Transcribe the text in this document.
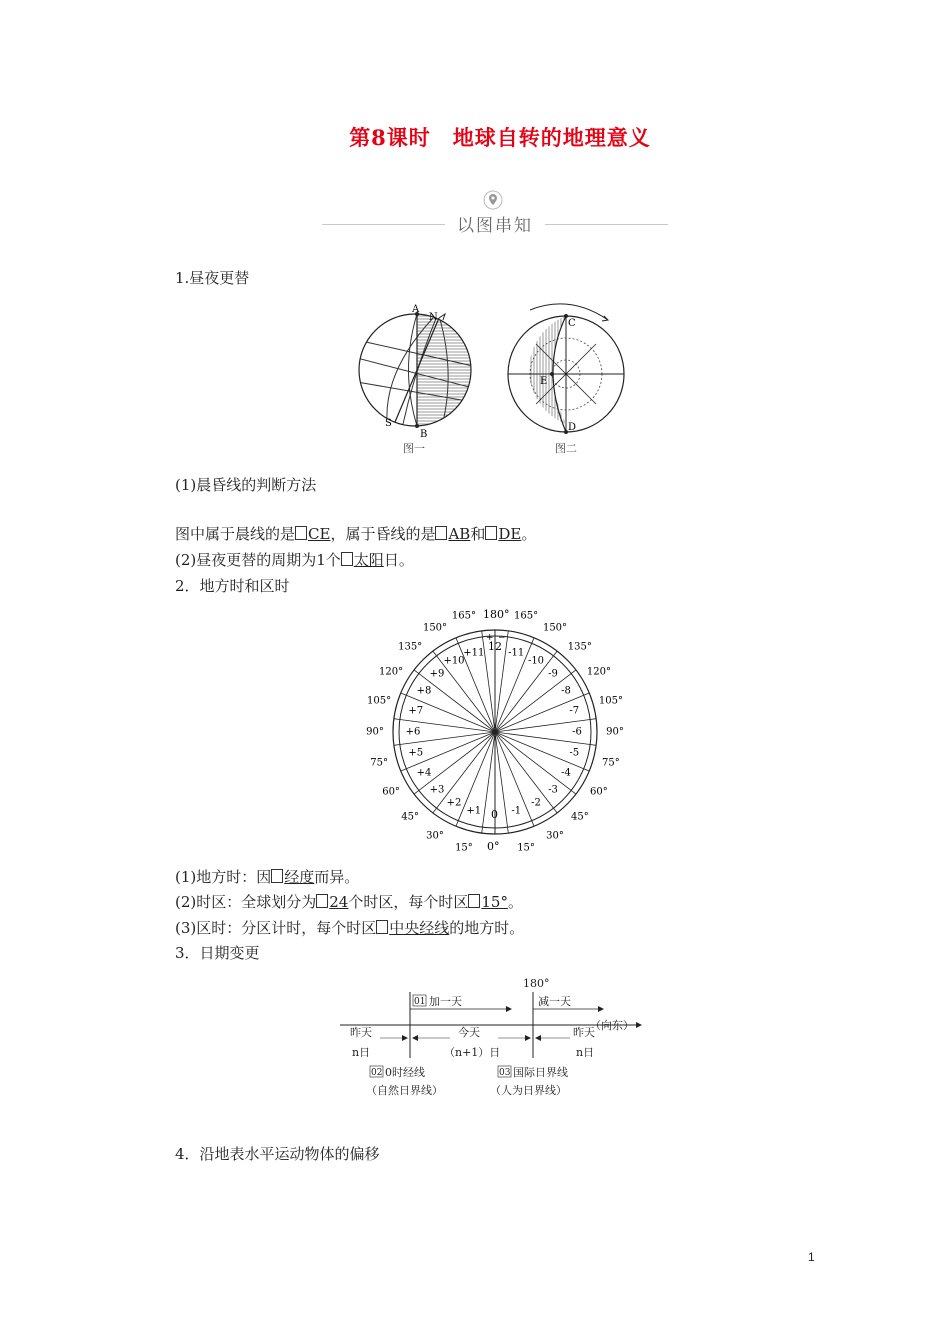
第8课时　地球自转的地理意义
以图串知
1.昼夜更替
A
N
S
B
图一
C
E
D
图二
(1)晨昏线的判断方法
图中属于晨线的是 CE，属于昏线的是 AB和 DE。
(2)昼夜更替的周期为1个 太阳日。
2．地方时和区时
+ −
12
0
180°
0°
+11 -11
165°	165°
+10	-10
150°	150°
+9	-9
135°	135°
+8	-8
120°	120°
+7	-7
105°	105°
+6	-6
90°	90°
+5	-5
75°	75°
+4	-4
60°	60°
+3	-3
45°	45°
+2	-2
30°	30°
+1	-1
15°	15°
(1)地方时：因 经度而异。
(2)时区：全球划分为 24个时区，每个时区 15°。
(3)区时：分区计时，每个时区 中央经线的地方时。
3．日期变更
01 加一天
180°
减一天
昨天
n日
今天
（n+1）日
昨天
n日
（向东）
02 0时经线
（自然日界线）
03 国际日界线
（人为日界线）
4．沿地表水平运动物体的偏移
1
